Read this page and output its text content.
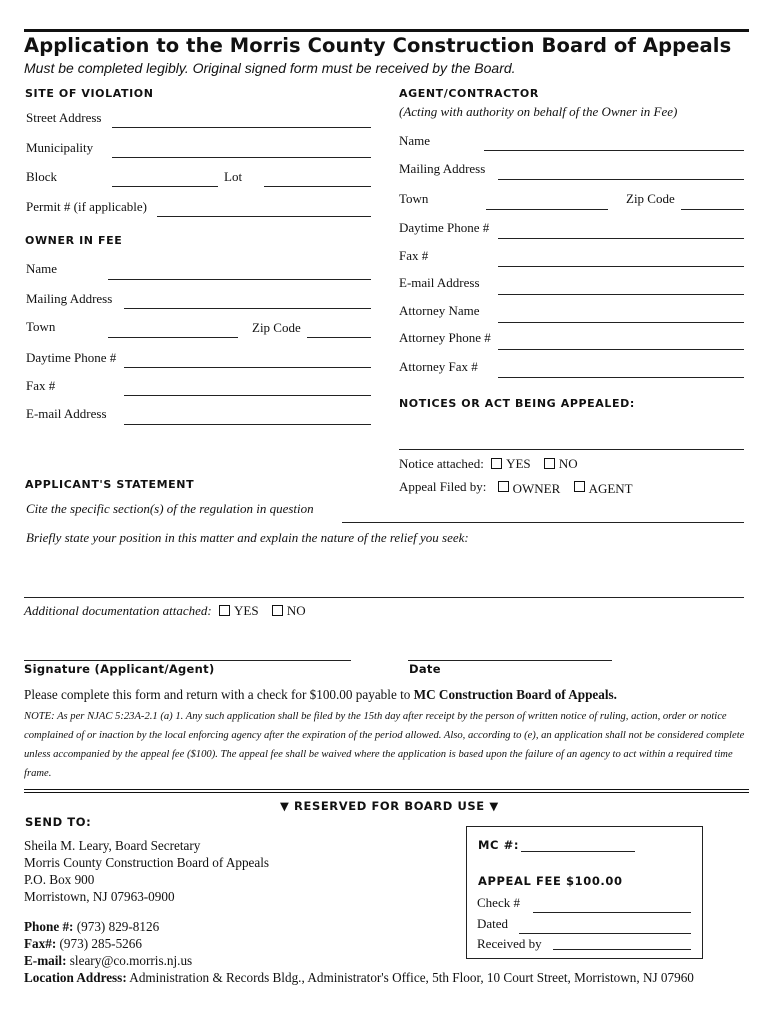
Application to the Morris County Construction Board of Appeals
Must be completed legibly. Original signed form must be received by the Board.
SITE OF VIOLATION
Street Address
Municipality
Block	Lot
Permit # (if applicable)
OWNER IN FEE
Name
Mailing Address
Town	Zip Code
Daytime Phone #
Fax #
E-mail Address
AGENT/CONTRACTOR
(Acting with authority on behalf of the Owner in Fee)
Name
Mailing Address
Town	Zip Code
Daytime Phone #
Fax #
E-mail Address
Attorney Name
Attorney Phone #
Attorney Fax #
NOTICES OR ACT BEING APPEALED:
Notice attached: YES NO
Appeal Filed by: OWNER AGENT
APPLICANT'S STATEMENT
Cite the specific section(s) of the regulation in question
Briefly state your position in this matter and explain the nature of the relief you seek:
Additional documentation attached: YES NO
Signature (Applicant/Agent)	Date
Please complete this form and return with a check for $100.00 payable to MC Construction Board of Appeals.
NOTE: As per NJAC 5:23A-2.1 (a) 1. Any such application shall be filed by the 15th day after receipt by the person of written notice of ruling, action, order or notice complained of or inaction by the local enforcing agency after the expiration of the period allowed. Also, according to (e), an application shall not be considered complete unless accompanied by the appeal fee ($100). The appeal fee shall be waived where the application is based upon the failure of an agency to act within a required time frame.
▼ RESERVED FOR BOARD USE ▼
MC #:
APPEAL FEE $100.00
Check #
Dated
Received by
SEND TO:
Sheila M. Leary, Board Secretary
Morris County Construction Board of Appeals
P.O. Box 900
Morristown, NJ 07963-0900
Phone #: (973) 829-8126
Fax#: (973) 285-5266
E-mail: sleary@co.morris.nj.us
Location Address: Administration & Records Bldg., Administrator's Office, 5th Floor, 10 Court Street, Morristown, NJ 07960
